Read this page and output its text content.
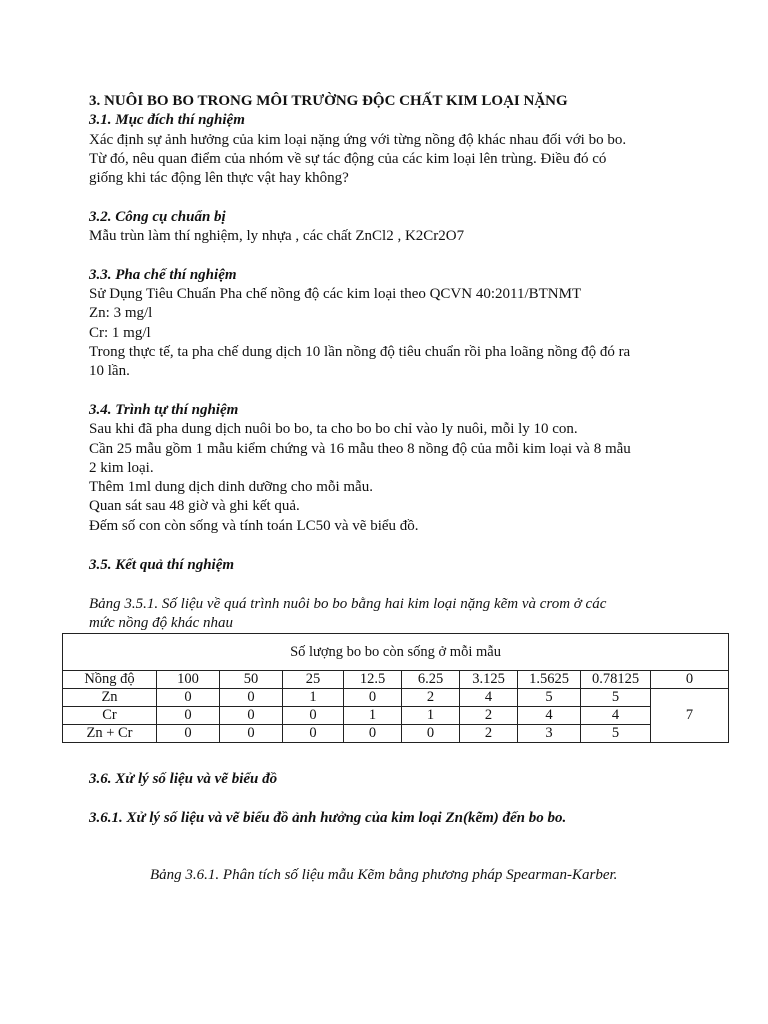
3. NUÔI BO BO TRONG MÔI TRƯỜNG ĐỘC CHẤT KIM LOẠI NẶNG
3.1. Mục đích thí nghiệm
Xác định sự ảnh hưởng của kim loại nặng ứng với từng nồng độ khác nhau đối với bo bo.
Từ đó, nêu quan điểm của nhóm về sự tác động của các kim loại lên trùng. Điều đó có
giống khi tác động lên thực vật hay không?
3.2. Công cụ chuẩn bị
Mẫu trùn làm thí nghiệm, ly nhựa , các chất ZnCl2 , K2Cr2O7
3.3. Pha chế thí nghiệm
Sử Dụng Tiêu Chuẩn Pha chế nồng độ các kim loại theo QCVN 40:2011/BTNMT
Zn: 3 mg/l
Cr: 1 mg/l
Trong thực tế, ta pha chế dung dịch 10 lần nồng độ tiêu chuẩn rồi pha loãng nồng độ đó ra
10 lần.
3.4. Trình tự thí nghiệm
Sau khi đã pha dung dịch nuôi bo bo, ta cho bo bo chỉ vào ly nuôi, mỗi ly 10 con.
Cần 25 mẫu gồm 1 mẫu kiểm chứng và 16 mẫu theo 8 nồng độ của mỗi kim loại và 8 mẫu
2 kim loại.
Thêm 1ml dung dịch dinh dưỡng cho mỗi mẫu.
Quan sát sau 48 giờ và ghi kết quả.
Đếm số con còn sống và tính toán LC50 và vẽ biểu đồ.
3.5. Kết quả thí nghiệm
Bảng 3.5.1. Số liệu về quá trình nuôi bo bo bằng hai kim loại nặng kẽm và crom ở các
mức nồng độ khác nhau
Số lượng bo bo còn sống ở mỗi mẫu									
Nồng độ	100	50	25	12.5	6.25	3.125	1.5625	0.78125	0
Zn	0	0	1	0	2	4	5	5	7
Cr	0	0	0	1	1	2	4	4	
Zn + Cr	0	0	0	0	0	2	3	5	
3.6. Xử lý số liệu và vẽ biểu đồ
3.6.1. Xử lý số liệu và vẽ biểu đồ ảnh hưởng của kim loại Zn(kẽm) đến bo bo.
Bảng 3.6.1. Phân tích số liệu mẫu Kẽm bằng phương pháp Spearman-Karber.
